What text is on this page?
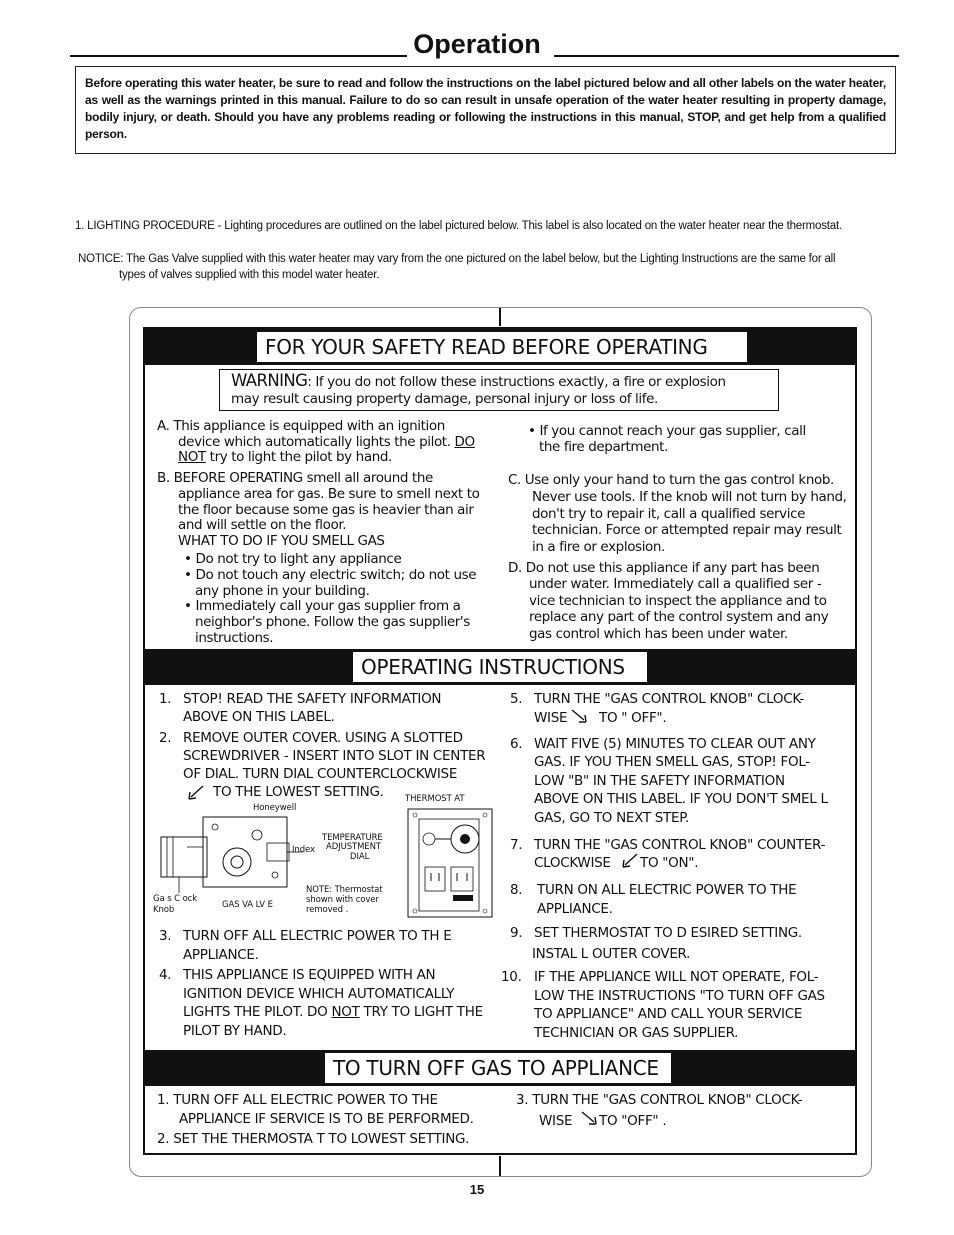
Operation
Before operating this water heater, be sure to read and follow the instructions on the label pictured below and all other labels on the water heater, as well as the warnings printed in this manual. Failure to do so can result in unsafe operation of the water heater resulting in property damage, bodily injury, or death. Should you have any problems reading or following the instructions in this manual, STOP, and get help from a qualified person.
1. LIGHTING PROCEDURE - Lighting procedures are outlined on the label pictured below. This label is also located on the water heater near the thermostat.
NOTICE: The Gas Valve supplied with this water heater may vary from the one pictured on the label below, but the Lighting Instructions are the same for all
types of valves supplied with this model water heater.
FOR YOUR SAFETY READ BEFORE OPERATING
WARNING: If you do not follow these instructions exactly, a fire or explosion
may result causing property damage, personal injury or loss of life.
A. This appliance is equipped with an ignition
device which automatically lights the pilot. DO
NOT try to light the pilot by hand.
B. BEFORE OPERATING smell all around the
appliance area for gas. Be sure to smell next to
the floor because some gas is heavier than air
and will settle on the floor.
WHAT TO DO IF YOU SMELL GAS
• Do not try to light any appliance
• Do not touch any electric switch; do not use
any phone in your building.
• Immediately call your gas supplier from a
neighbor's phone. Follow the gas supplier's
instructions.
• If you cannot reach your gas supplier, call
the fire department.
C. Use only your hand to turn the gas control knob.
Never use tools. If the knob will not turn by hand,
don't try to repair it, call a qualified service
technician. Force or attempted repair may result
in a fire or explosion.
D. Do not use this appliance if any part has been
under water. Immediately call a qualified ser -
vice technician to inspect the appliance and to
replace any part of the control system and any
gas control which has been under water.
OPERATING INSTRUCTIONS
1. STOP! READ THE SAFETY INFORMATION
ABOVE ON THIS LABEL.
2. REMOVE OUTER COVER. USING A SLOTTED
SCREWDRIVER - INSERT INTO SLOT IN CENTER
OF DIAL. TURN DIAL COUNTERCLOCKWISE
TO THE LOWEST SETTING.
Honeywell
Index
TEMPERATURE
ADJUSTMENT
DIAL
Ga s C ock
Knob	GAS VA LV E
NOTE: Thermostat
shown with cover
removed .
THERMOST AT
3. TURN OFF ALL ELECTRIC POWER TO TH E
APPLIANCE.
4. THIS APPLIANCE IS EQUIPPED WITH AN
IGNITION DEVICE WHICH AUTOMATICALLY
LIGHTS THE PILOT. DO NOT TRY TO LIGHT THE
PILOT BY HAND.
5. TURN THE "GAS CONTROL KNOB" CLOCK-
WISE TO " OFF".
6. WAIT FIVE (5) MINUTES TO CLEAR OUT ANY
GAS. IF YOU THEN SMELL GAS, STOP! FOL-
LOW "B" IN THE SAFETY INFORMATION
ABOVE ON THIS LABEL. IF YOU DON'T SMEL L
GAS, GO TO NEXT STEP.
7. TURN THE "GAS CONTROL KNOB" COUNTER-
CLOCKWISE TO "ON".
8. TURN ON ALL ELECTRIC POWER TO THE
APPLIANCE.
9. SET THERMOSTAT TO D ESIRED SETTING.
INSTAL L OUTER COVER.
10. IF THE APPLIANCE WILL NOT OPERATE, FOL-
LOW THE INSTRUCTIONS "TO TURN OFF GAS
TO APPLIANCE" AND CALL YOUR SERVICE
TECHNICIAN OR GAS SUPPLIER.
TO TURN OFF GAS TO APPLIANCE
1. TURN OFF ALL ELECTRIC POWER TO THE
APPLIANCE IF SERVICE IS TO BE PERFORMED.
2. SET THE THERMOSTA T TO LOWEST SETTING.
3. TURN THE "GAS CONTROL KNOB" CLOCK-
WISE TO "OFF" .
15
